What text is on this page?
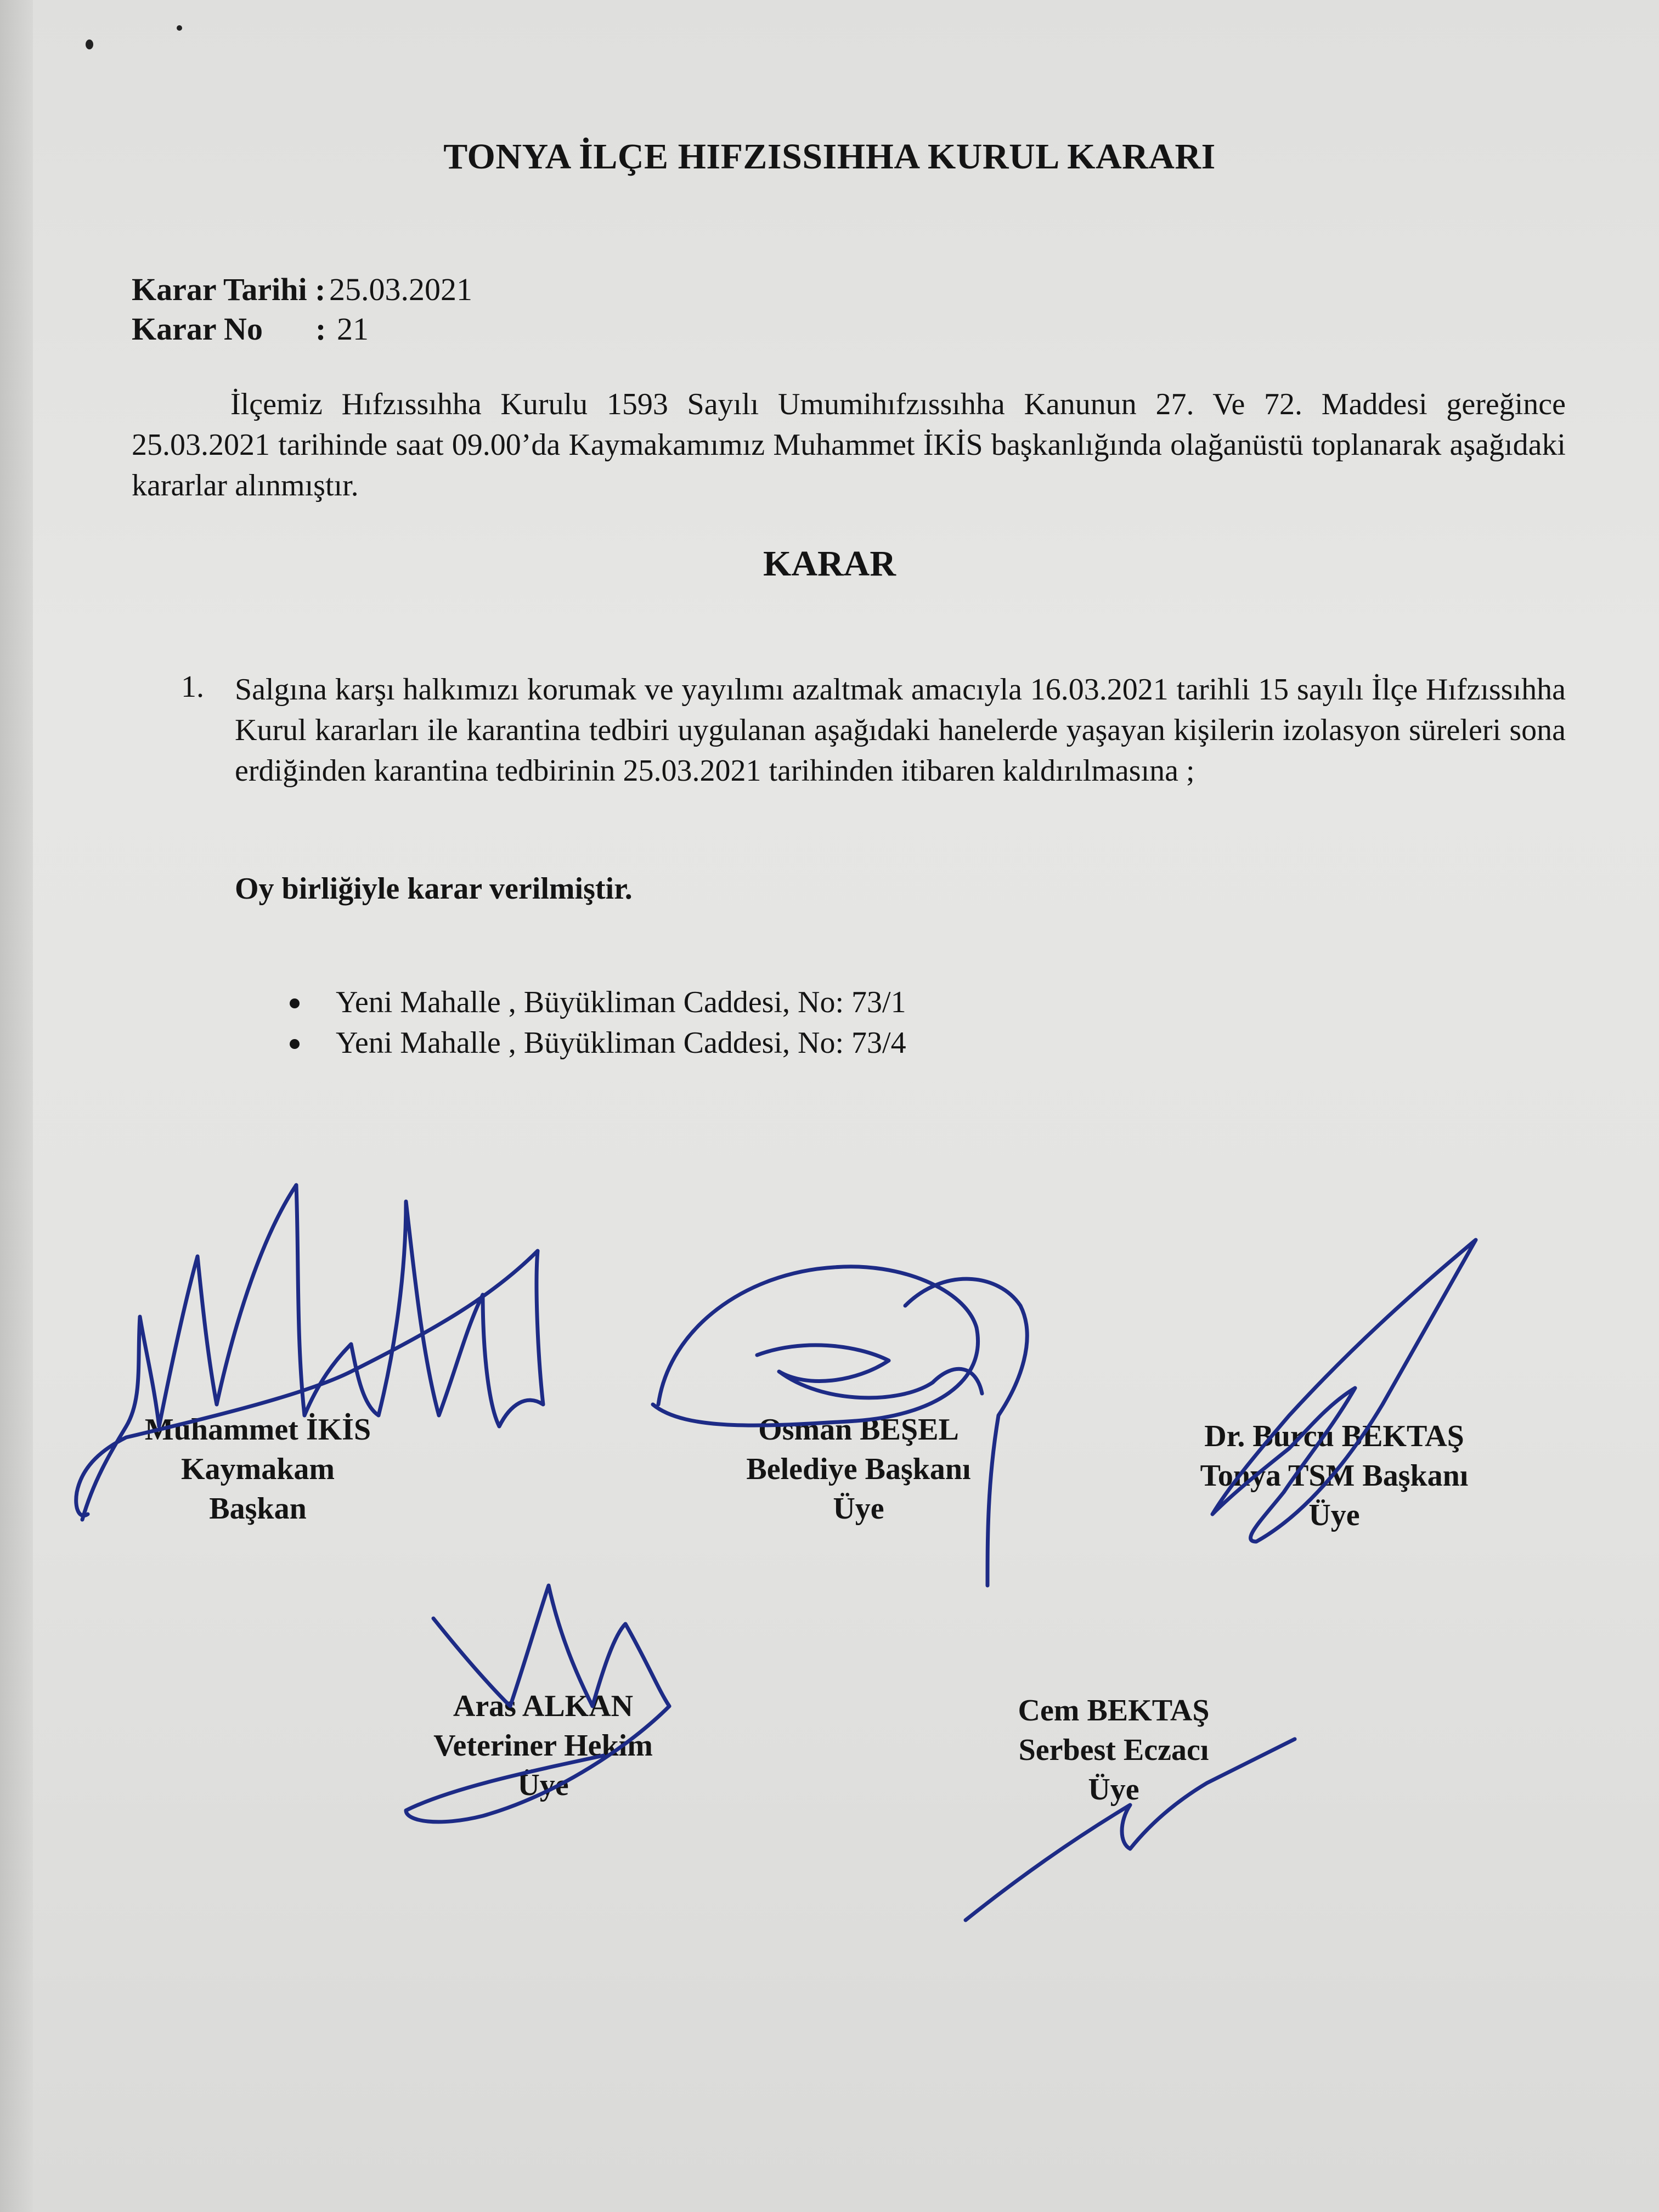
TONYA İLÇE HIFZISSIHHA KURUL KARARI
Karar Tarihi : 25.03.2021
Karar No : 21
İlçemiz Hıfzıssıhha Kurulu 1593 Sayılı Umumihıfzıssıhha Kanunun 27. Ve 72. Maddesi gereğince 25.03.2021 tarihinde saat 09.00’da Kaymakamımız Muhammet İKİS başkanlığında olağanüstü toplanarak aşağıdaki kararlar alınmıştır.
KARAR
1. Salgına karşı halkımızı korumak ve yayılımı azaltmak amacıyla 16.03.2021 tarihli 15 sayılı İlçe Hıfzıssıhha Kurul kararları ile karantina tedbiri uygulanan aşağıdaki hanelerde yaşayan kişilerin izolasyon süreleri sona erdiğinden karantina tedbirinin 25.03.2021 tarihinden itibaren kaldırılmasına ;
Oy birliğiyle karar verilmiştir.
Yeni Mahalle , Büyükliman Caddesi, No: 73/1
Yeni Mahalle , Büyükliman Caddesi, No: 73/4
Muhammet İKİS
Kaymakam
Başkan
Osman BEŞEL
Belediye Başkanı
Üye
Dr. Burcu BEKTAŞ
Tonya TSM Başkanı
Üye
Aras ALKAN
Veteriner Hekim
Üye
Cem BEKTAŞ
Serbest Eczacı
Üye
